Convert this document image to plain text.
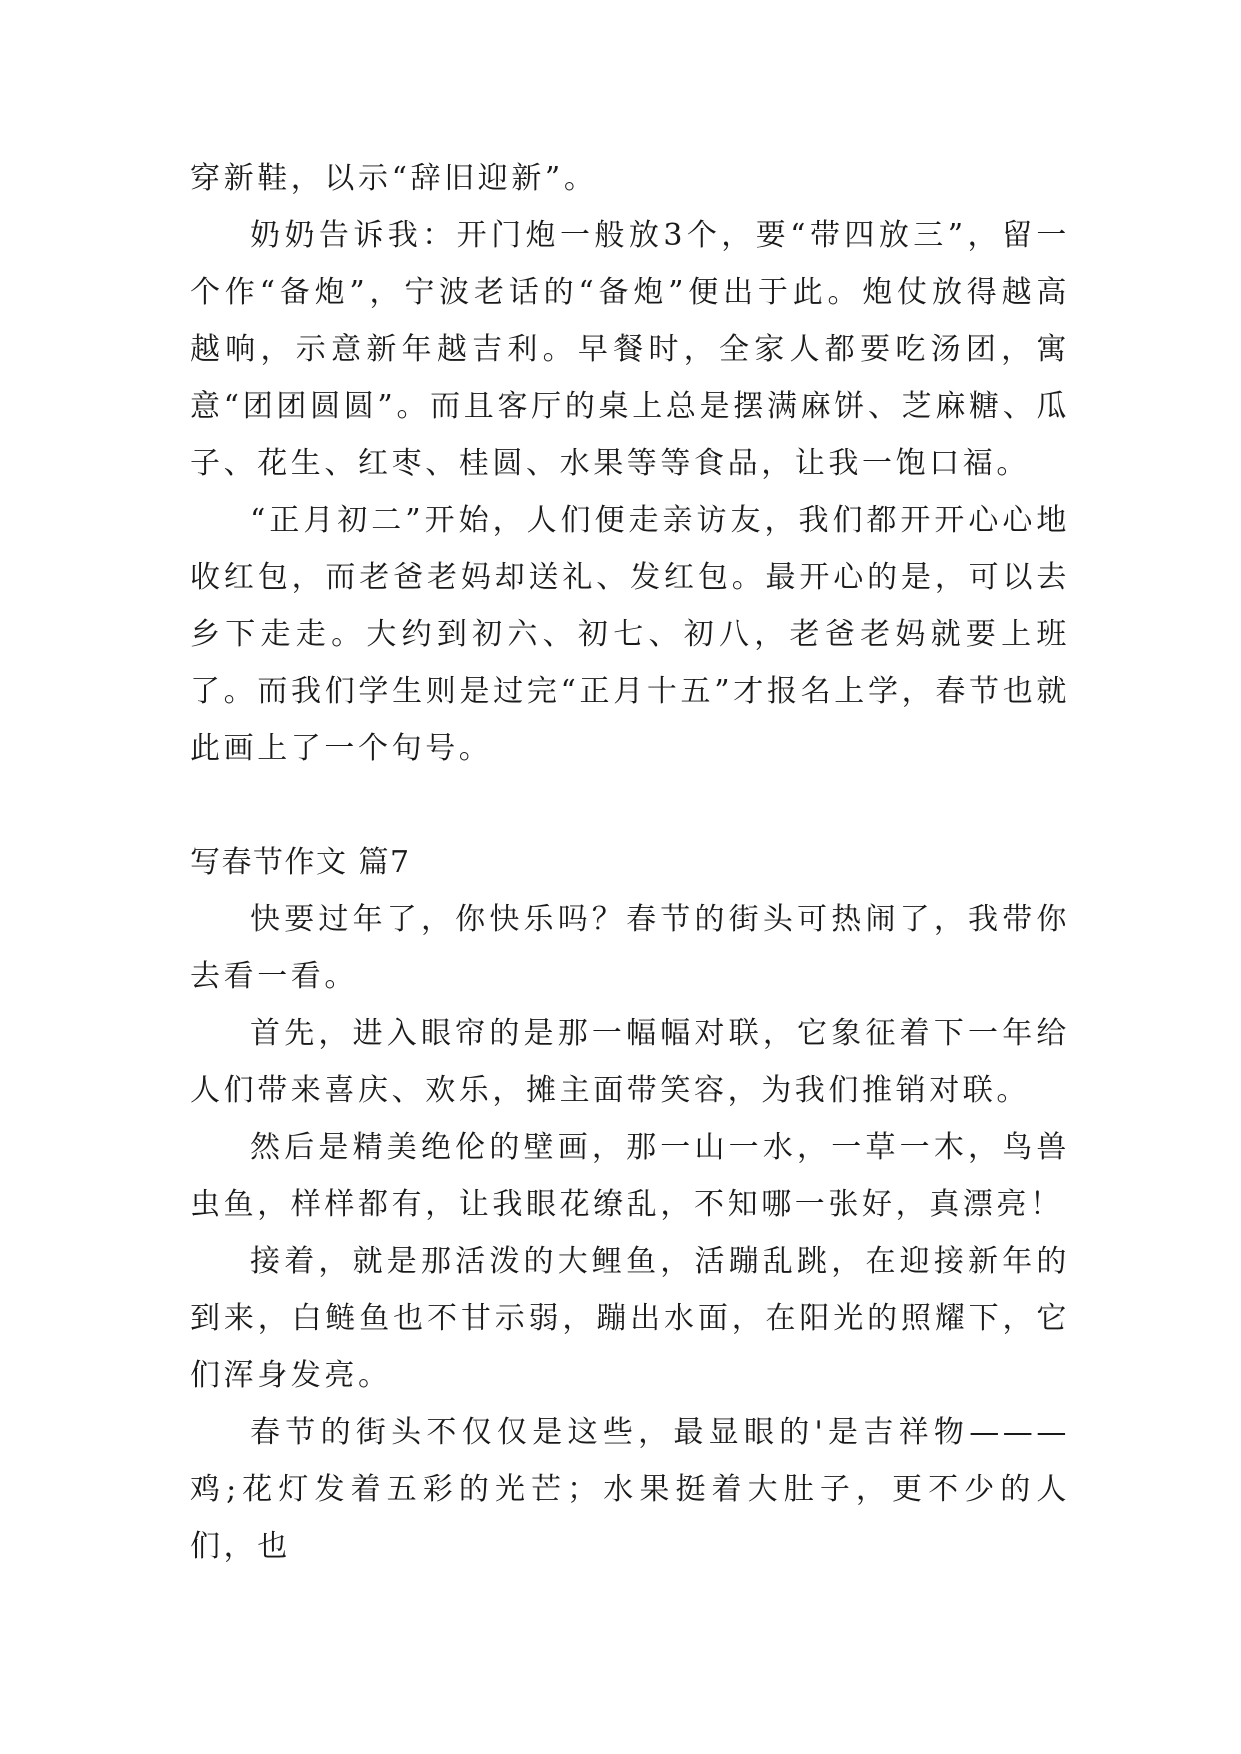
穿新鞋，以示“辞旧迎新”。

奶奶告诉我：开门炮一般放3个，要“带四放三”，留一个作“备炮”，宁波老话的“备炮”便出于此。炮仗放得越高越响，示意新年越吉利。早餐时，全家人都要吃汤团，寓意“团团圆圆”。而且客厅的桌上总是摆满麻饼、芝麻糖、瓜子、花生、红枣、桂圆、水果等等食品，让我一饱口福。

“正月初二”开始，人们便走亲访友，我们都开开心心地收红包，而老爸老妈却送礼、发红包。最开心的是，可以去乡下走走。大约到初六、初七、初八，老爸老妈就要上班了。而我们学生则是过完“正月十五”才报名上学，春节也就此画上了一个句号。

写春节作文 篇7

快要过年了，你快乐吗？春节的街头可热闹了，我带你去看一看。

首先，进入眼帘的是那一幅幅对联，它象征着下一年给人们带来喜庆、欢乐，摊主面带笑容，为我们推销对联。

然后是精美绝伦的壁画，那一山一水，一草一木，鸟兽虫鱼，样样都有，让我眼花缭乱，不知哪一张好，真漂亮！

接着，就是那活泼的大鲤鱼，活蹦乱跳，在迎接新年的到来，白鲢鱼也不甘示弱，蹦出水面，在阳光的照耀下，它们浑身发亮。

春节的街头不仅仅是这些，最显眼的'是吉祥物———鸡;花灯发着五彩的光芒；水果挺着大肚子，更不少的人们，也
